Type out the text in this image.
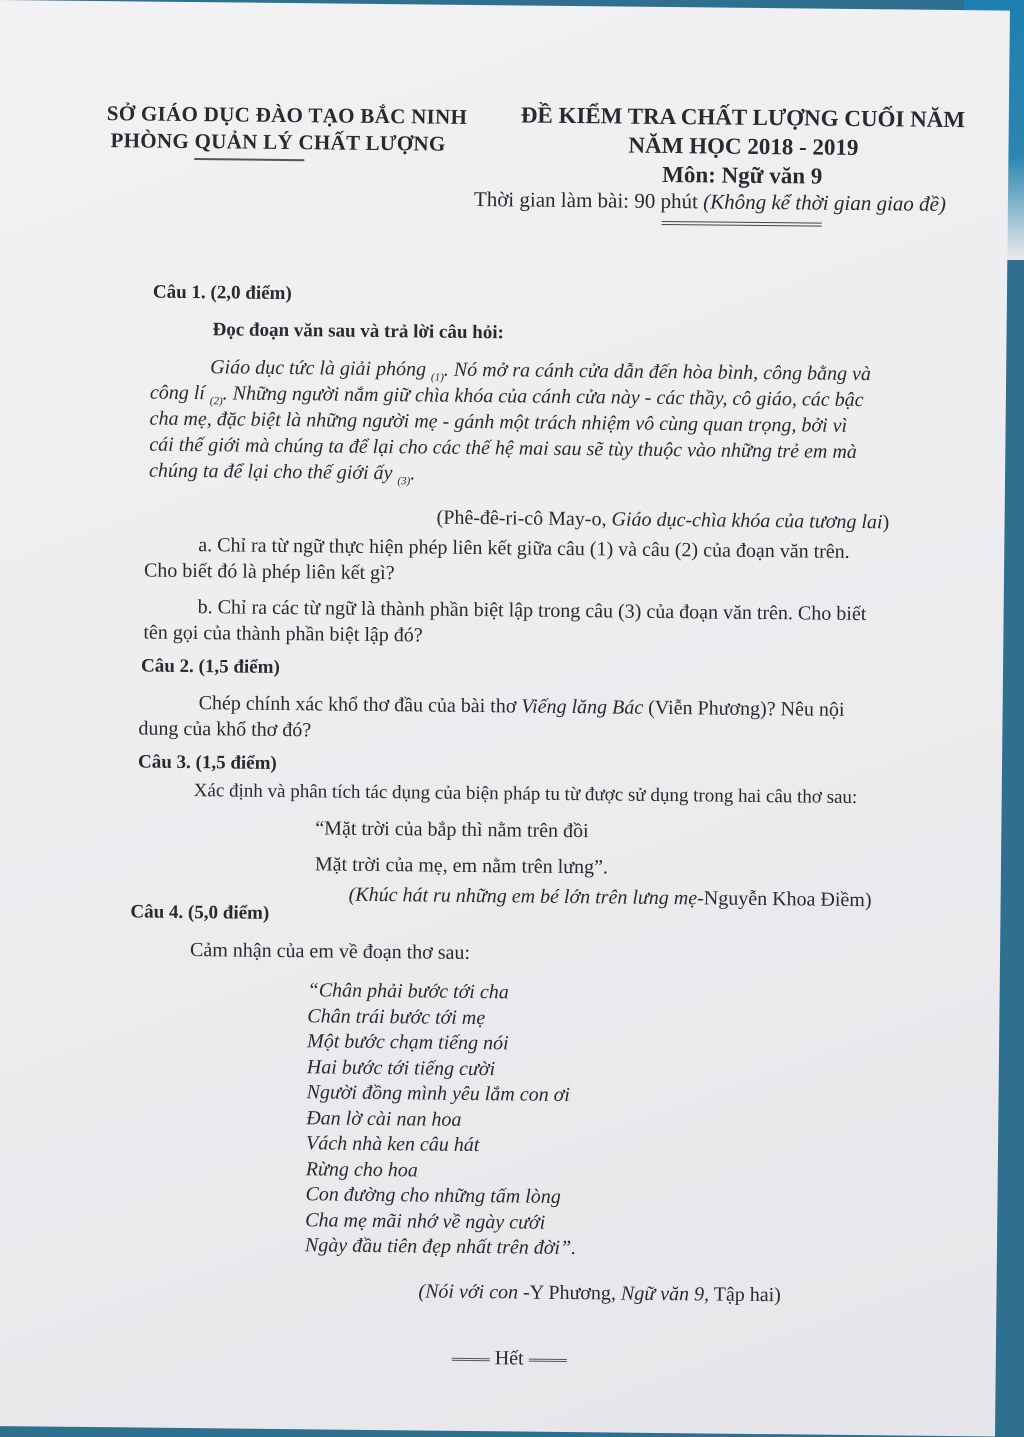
SỞ GIÁO DỤC ĐÀO TẠO BẮC NINH
PHÒNG QUẢN LÝ CHẤT LƯỢNG
ĐỀ KIỂM TRA CHẤT LƯỢNG CUỐI NĂM
NĂM HỌC 2018 - 2019
Môn: Ngữ văn 9
Thời gian làm bài: 90 phút (Không kể thời gian giao đề)
Câu 1. (2,0 điểm)
Đọc đoạn văn sau và trả lời câu hỏi:
Giáo dục tức là giải phóng $_{(1)}$. Nó mở ra cánh cửa dẫn đến hòa bình, công bằng và
công lí $_{(2)}$. Những người nắm giữ chìa khóa của cánh cửa này - các thầy, cô giáo, các bậc
cha mẹ, đặc biệt là những người mẹ - gánh một trách nhiệm vô cùng quan trọng, bởi vì
cái thế giới mà chúng ta để lại cho các thế hệ mai sau sẽ tùy thuộc vào những trẻ em mà
chúng ta để lại cho thế giới ấy $_{(3)}$.
(Phê-đê-ri-cô May-o, Giáo dục-chìa khóa của tương lai)
a. Chỉ ra từ ngữ thực hiện phép liên kết giữa câu (1) và câu (2) của đoạn văn trên.
Cho biết đó là phép liên kết gì?
b. Chỉ ra các từ ngữ là thành phần biệt lập trong câu (3) của đoạn văn trên. Cho biết
tên gọi của thành phần biệt lập đó?
Câu 2. (1,5 điểm)
Chép chính xác khổ thơ đầu của bài thơ Viếng lăng Bác (Viễn Phương)? Nêu nội
dung của khổ thơ đó?
Câu 3. (1,5 điểm)
Xác định và phân tích tác dụng của biện pháp tu từ được sử dụng trong hai câu thơ sau:
“Mặt trời của bắp thì nằm trên đồi
Mặt trời của mẹ, em nằm trên lưng”.
(Khúc hát ru những em bé lớn trên lưng mẹ-Nguyễn Khoa Điềm)
Câu 4. (5,0 điểm)
Cảm nhận của em về đoạn thơ sau:
“Chân phải bước tới cha
Chân trái bước tới mẹ
Một bước chạm tiếng nói
Hai bước tới tiếng cười
Người đồng mình yêu lắm con ơi
Đan lờ cài nan hoa
Vách nhà ken câu hát
Rừng cho hoa
Con đường cho những tấm lòng
Cha mẹ mãi nhớ về ngày cưới
Ngày đầu tiên đẹp nhất trên đời”.
(Nói với con -Y Phương, Ngữ văn 9, Tập hai)
Hết
